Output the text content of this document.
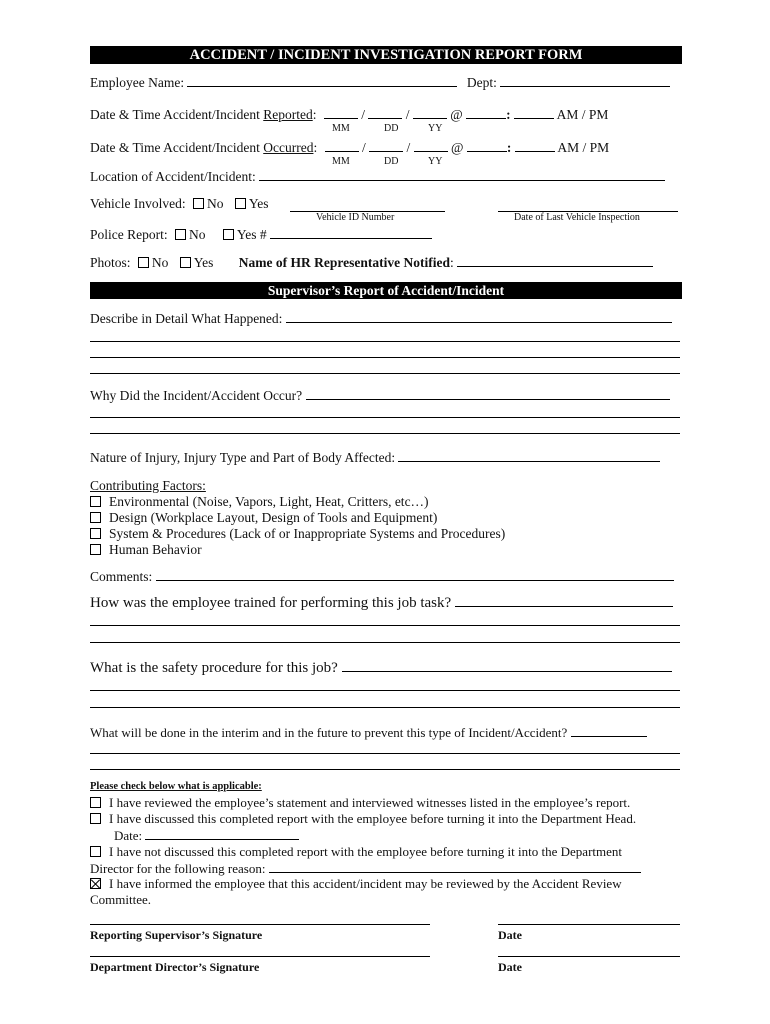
ACCIDENT / INCIDENT INVESTIGATION REPORT FORM
Employee Name:	Dept:
Date & Time Accident/Incident Reported:	/	/	@	:	AM / PM
MM	DD	YY
Date & Time Accident/Incident Occurred:	/	/	@	:	AM / PM
MM	DD	YY
Location of Accident/Incident:
Vehicle Involved: No Yes
Vehicle ID Number	Date of Last Vehicle Inspection
Police Report: No Yes #
Photos: No Yes Name of HR Representative Notified:
Supervisor’s Report of Accident/Incident
Describe in Detail What Happened:
Why Did the Incident/Accident Occur?
Nature of Injury, Injury Type and Part of Body Affected:
Contributing Factors:
Environmental (Noise, Vapors, Light, Heat, Critters, etc…)
Design (Workplace Layout, Design of Tools and Equipment)
System & Procedures (Lack of or Inappropriate Systems and Procedures)
Human Behavior
Comments:
How was the employee trained for performing this job task?
What is the safety procedure for this job?
What will be done in the interim and in the future to prevent this type of Incident/Accident?
Please check below what is applicable:
I have reviewed the employee’s statement and interviewed witnesses listed in the employee’s report.
I have discussed this completed report with the employee before turning it into the Department Head.
Date:
I have not discussed this completed report with the employee before turning it into the Department
Director for the following reason:
I have informed the employee that this accident/incident may be reviewed by the Accident Review
Committee.
Reporting Supervisor’s Signature	Date
Department Director’s Signature	Date
